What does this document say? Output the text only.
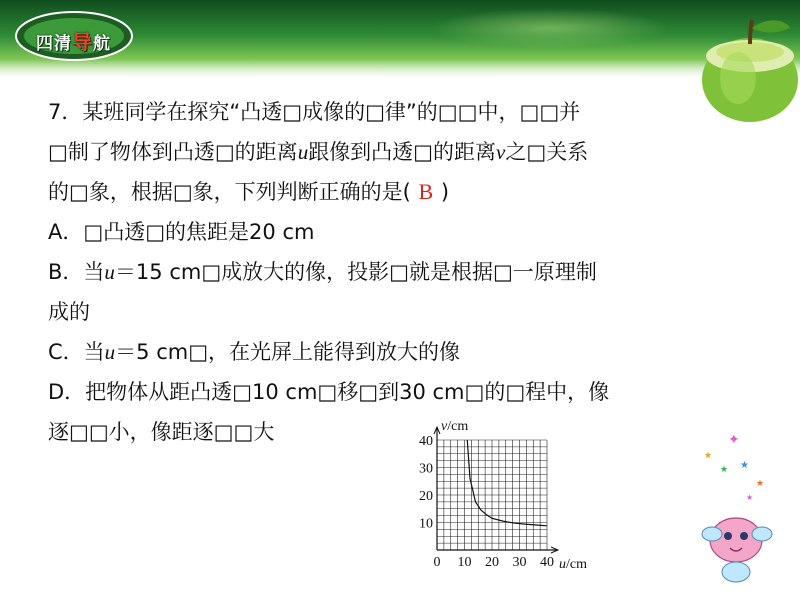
四清导航
7．某班同学在探究“凸透□成像的□律”的□□中，□□并
□制了物体到凸透□的距离u跟像到凸透□的距离v之□关系
的□象，根据□象，下列判断正确的是( B )
A．□凸透□的焦距是20 cm
B．当u＝15 cm□成放大的像，投影□就是根据□一原理制
成的
C．当u＝5 cm□，在光屏上能得到放大的像
D．把物体从距凸透□10 cm□移□到30 cm□的□程中，像
逐□□小，像距逐□□大
0 10 20 30 40
10
20
30
40
u/cm
v/cm
✦
★
★
★
★
★
